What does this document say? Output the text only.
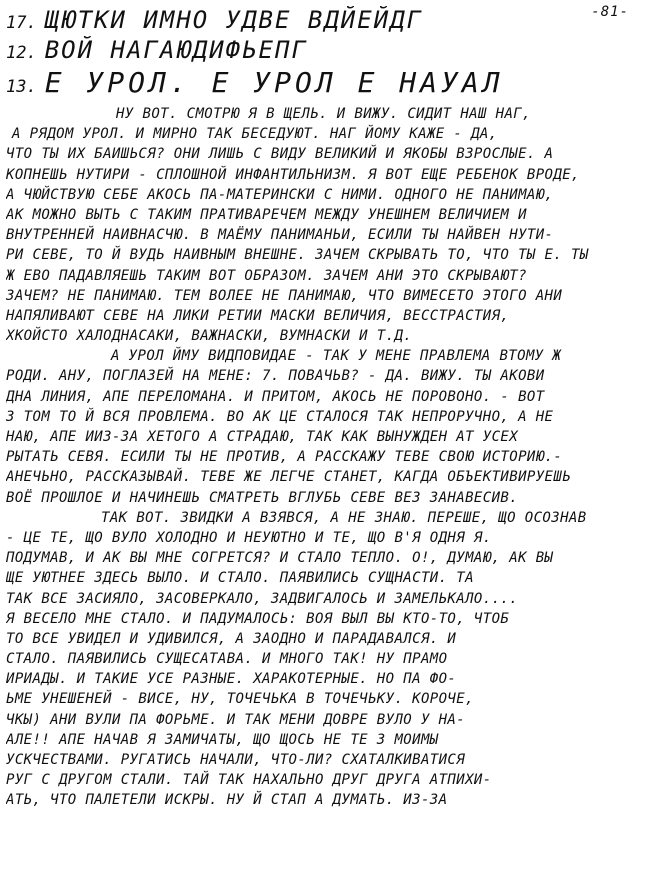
-81-
17. ЩЮТКИ ИМНО УДВЕ ВДЙЕЙДГ
12. ВОЙ НАГАЮДИФЬЕПГ
13. Е УРОЛ. Е УРОЛ Е НАУАЛ
НУ ВОТ. СМОТРЮ Я В ЩЕЛЬ. И ВИЖУ. СИДИТ НАШ НАГ,
А РЯДОМ УРОЛ. И МИРНО ТАК БЕСЕДУЮТ. НАГ ЙОМУ КАЖЕ - ДА,
ЧТО ТЫ ИХ БАИШЬСЯ? ОНИ ЛИШЬ С ВИДУ ВЕЛИКИЙ И ЯКОБЫ ВЗРОСЛЫЕ. А
КОПНЕШЬ НУТИРИ - СПЛОШНОЙ ИНФАНТИЛЬНИЗМ. Я ВОТ ЕЩЕ РЕБЕНОК ВРОДЕ,
А ЧЮЙСТВУЮ СЕБЕ АКОСЬ ПА-МАТЕРИНСКИ С НИМИ. ОДНОГО НЕ ПАНИМАЮ,
АК МОЖНО ВЫТЬ С ТАКИМ ПРАТИВАРЕЧЕМ МЕЖДУ УНЕШНЕМ ВЕЛИЧИЕМ И
ВНУТРЕННЕЙ НАИВНАСЧЮ. В МАЁМУ ПАНИМАНЬИ, ЕСИЛИ ТЫ НАЙВЕН НУТИ-
РИ СЕВЕ, ТО Й ВУДЬ НАИВНЫМ ВНЕШНЕ. ЗАЧЕМ СКРЫВАТЬ ТО, ЧТО ТЫ Е. ТЫ
Ж ЕВО ПАДАВЛЯЕШЬ ТАКИМ ВОТ ОБРАЗОМ. ЗАЧЕМ АНИ ЭТО СКРЫВАЮТ?
ЗАЧЕМ? НЕ ПАНИМАЮ. ТЕМ ВОЛЕЕ НЕ ПАНИМАЮ, ЧТО ВИМЕСЕТО ЭТОГО АНИ
НАПЯЛИВАЮТ СЕВЕ НА ЛИКИ РЕТИИ МАСКИ ВЕЛИЧИЯ, ВЕССТРАСТИЯ,
ХКОЙСТО ХАЛОДНАСАКИ, ВАЖНАСКИ, ВУМНАСКИ И Т.Д.
А УРОЛ ЙМУ ВИДПОВИДАЕ - ТАК У МЕНЕ ПРАВЛЕМА ВТОМУ Ж
РОДИ. АНУ, ПОГЛАЗЕЙ НА МЕНЕ: 7. ПОВАЧЬВ? - ДА. ВИЖУ. ТЫ АКОВИ
ДНА ЛИНИЯ, АПЕ ПЕРЕЛОМАНА. И ПРИТОМ, АКОСЬ НЕ ПОРОВОНО. - ВОТ
3 ТОМ ТО Й ВСЯ ПРОВЛЕМА. ВО АК ЦЕ СТАЛОСЯ ТАК НЕПРОРУЧНО, А НЕ
НАЮ, АПЕ ИИЗ-ЗА ХЕТОГО А СТРАДАЮ, ТАК КАК ВЫНУЖДЕН АТ УСЕХ
РЫТАТЬ СЕВЯ. ЕСИЛИ ТЫ НЕ ПРОТИВ, А РАССКАЖУ ТЕВЕ СВОЮ ИСТОРИЮ.-
АНЕЧЬНО, РАССКАЗЫВАЙ. ТЕВЕ ЖЕ ЛЕГЧЕ СТАНЕТ, КАГДА ОБЪЕКТИВИРУЕШЬ
ВОЁ ПРОШЛОЕ И НАЧИНЕШЬ СМАТРЕТЬ ВГЛУБЬ СЕВЕ ВЕЗ ЗАНАВЕСИВ.
ТАК ВОТ. ЗВИДКИ А ВЗЯВСЯ, А НЕ ЗНАЮ. ПЕРЕШЕ, ЩО ОСОЗНАВ
- ЦЕ ТЕ, ЩО ВУЛО ХОЛОДНО И НЕУЮТНО И ТЕ, ЩО В'Я ОДНЯ Я.
ПОДУМАВ, И АК ВЫ МНЕ СОГРЕТСЯ? И СТАЛО ТЕПЛО. О!, ДУМАЮ, АК ВЫ
ЩЕ УЮТНЕЕ ЗДЕСЬ ВЫЛО. И СТАЛО. ПАЯВИЛИСЬ СУЩНАСТИ. ТА
ТАК ВСЕ ЗАСИЯЛО, ЗАСОВЕРКАЛО, ЗАДВИГАЛОСЬ И ЗАМЕЛЬКАЛО....
Я ВЕСЕЛО МНЕ СТАЛО. И ПАДУМАЛОСЬ: ВОЯ ВЫЛ ВЫ КТО-ТО, ЧТОБ
ТО ВСЕ УВИДЕЛ И УДИВИЛСЯ, А ЗАОДНО И ПАРАДАВАЛСЯ. И
СТАЛО. ПАЯВИЛИСЬ СУЩЕСАТАВА. И МНОГО ТАК! НУ ПРАМО
ИРИАДЫ. И ТАКИЕ УСЕ РАЗНЫЕ. ХАРАКОТЕРНЫЕ. НО ПА ФО-
ЬМЕ УНЕШЕНЕЙ - ВИСЕ, НУ, ТОЧЕЧЬКА В ТОЧЕЧЬКУ. КОРОЧЕ,
ЧКЫ) АНИ ВУЛИ ПА ФОРЬМЕ. И ТАК МЕНИ ДОВРЕ ВУЛО У НА-
АЛЕ!! АПЕ НАЧАВ Я ЗАМИЧАТЫ, ЩО ЩОСЬ НЕ ТЕ 3 МОИМЫ
УСКЧЕСТВАМИ. РУГАТИСЬ НАЧАЛИ, ЧТО-ЛИ? СХАТАЛКИВАТИСЯ
РУГ С ДРУГОМ СТАЛИ. ТАЙ ТАК НАХАЛЬНО ДРУГ ДРУГА АТПИХИ-
АТЬ, ЧТО ПАЛЕТЕЛИ ИСКРЫ. НУ Й СТАП А ДУМАТЬ. ИЗ-ЗА
